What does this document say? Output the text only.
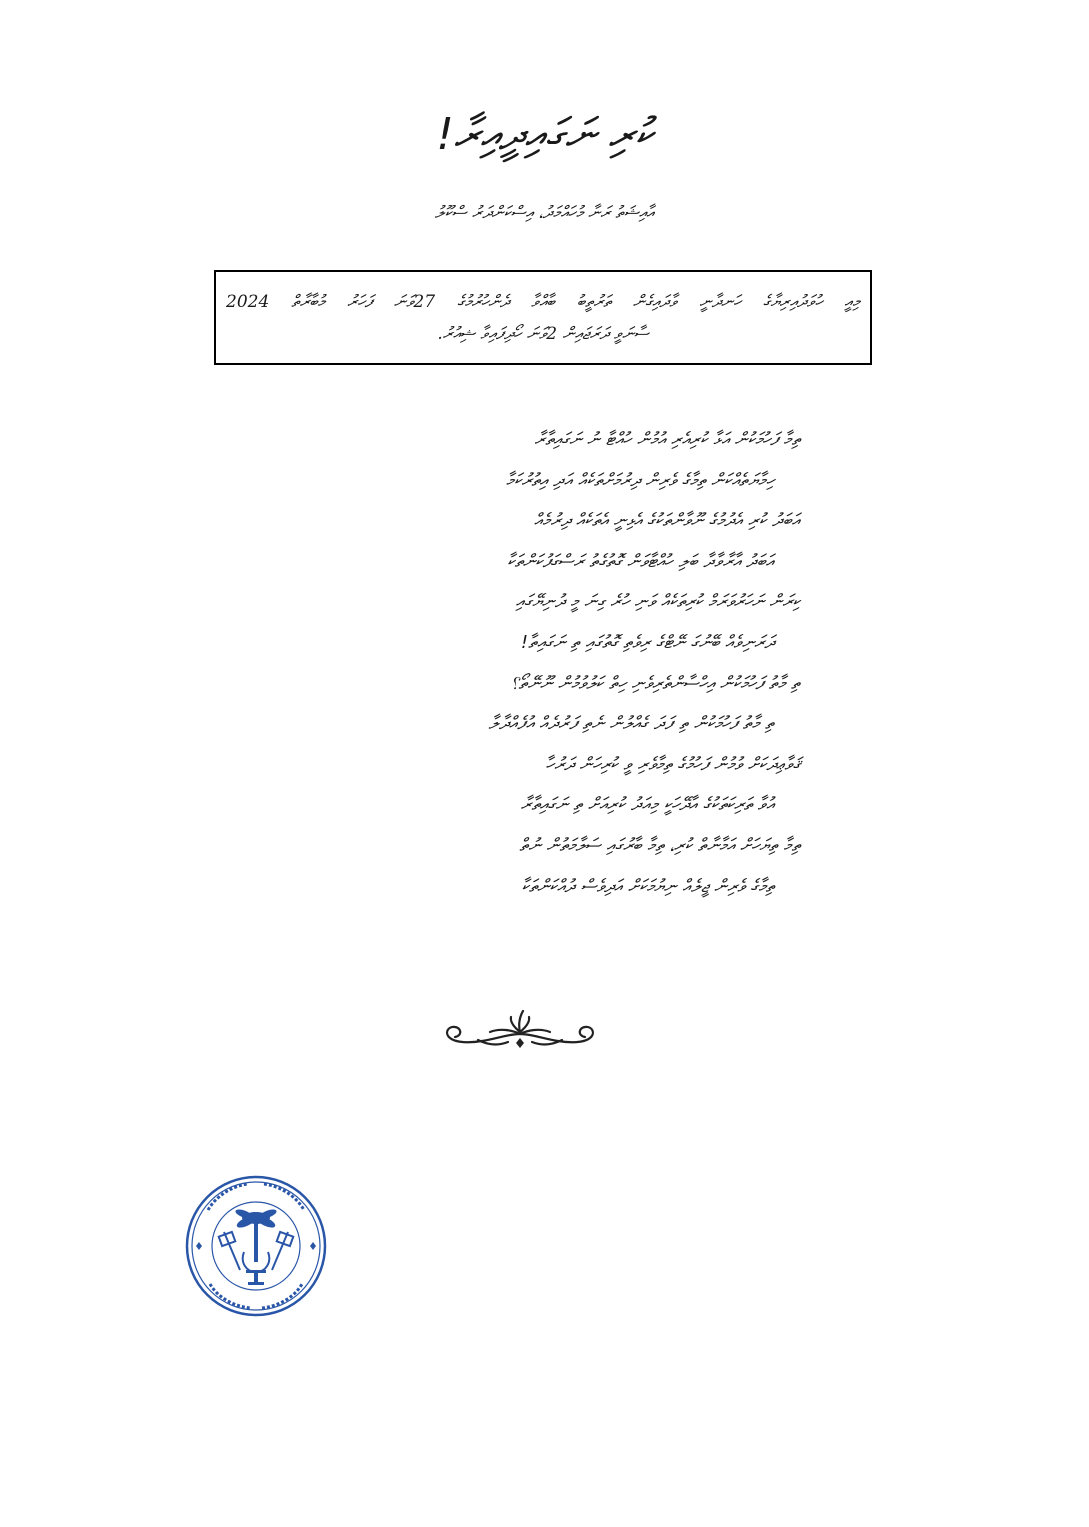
ކުރި ނަގައިދީއިރާ!
އާއިޝަތު ރަނާ މުހައްމަދު، އިސްކަންދަރު ސްކޫލު
މިއީ ހުވަދުއިރިޔާގެ ހަނދާނީ ވާދައިގެން ތަރުތީބު ބާއްވާ ދެންހުރުމުގެ 27ވަނަ ފަހަރު މުބާރާތް 2024
ސާނަވީ ދަރަޖައިން 2ވަނަ ހޯދިފައިވާ ޝިއުރު.
ތިމާ ފަހުމަކުން އަޅާ ކުރިއެރި އުމުން ހުއްޓާ ނު ނަގައިތާރާ
ހިމާޔަތެއްކަން ތިމާގެ ވެރިން ދިރުމަށްތަކެއް އަދި އިތުރުކަމާ
އަބަދު ކުރި އެދުމުގެ ނޫވާންތަކުގެ އެޅިނީ އެތަކެއް ދިރުމެއް
އަބަދު އާރާވާދާ ބަލި ހުއްޓާވަން ގޮތުގެތު ރަސްގަފުކަންތަކާ
ކިރަން ނަހަރުވަރަމް ކުރިތަކެއް ވަނި ހުރެ ގިނަ މީ ދުނިޔޭގައި
ދަރަނިވެއް ބޭނުގަ ނޭޓްގެ ރިވެތި ގޮތުގައި ތި ނަގައިތާ!
ތި މާތު ފަހުމަކުން އިހްސާންތެރިވެނި ހިތް ކަލުވުމުން ނޫނޭތޯ؟
ތި މާތު ފަހުމަކުން ތި ފަދަ ގެއްލުން ނެތި ފަރުދެއް އުފެއްދާލާ
ޤަވާޢިދަކަށް ވުމުން ފަހުމުގެ ތިމާވެރި ވީ ކުރިހަން ދަރުހާ
އުވާ ތަރިކަތަކުގެ އާދޭހަކީ މިއަދު ކުރިއަށް ތި ނަގައިތާރާ
ތިމާ ތިޔަހަށް އަމާނާތް ކުރި، ތިމާ ބާރުގައި ސަލާމަތުން ނުތް
ތިމާގެ ވެރިން ޖީލެއް ނިޔުމަކަށް އަދިވެސް ދުއްކަންތަކާ
